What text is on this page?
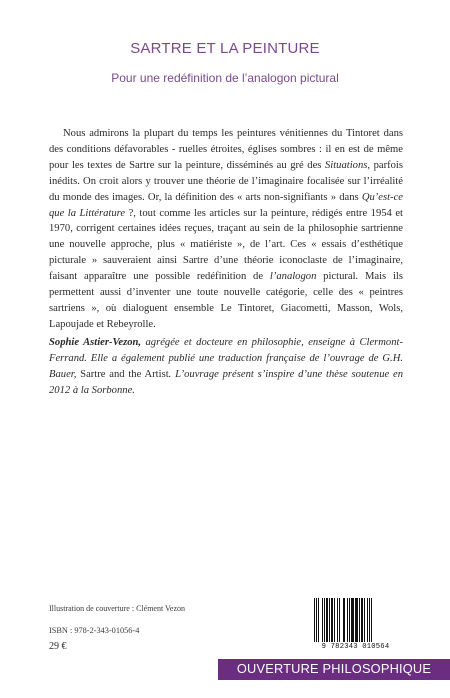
SARTRE ET LA PEINTURE
Pour une redéfinition de l’analogon pictural

Nous admirons la plupart du temps les peintures vénitiennes du Tintoret dans des conditions défavorables - ruelles étroites, églises sombres : il en est de même pour les textes de Sartre sur la peinture, disséminés au gré des Situations, parfois inédits. On croit alors y trouver une théorie de l’imaginaire focalisée sur l’irréalité du monde des images. Or, la définition des « arts non-signifiants » dans Qu’est-ce que la Littérature ?, tout comme les articles sur la peinture, rédigés entre 1954 et 1970, corrigent certaines idées reçues, traçant au sein de la philosophie sartrienne une nouvelle approche, plus « matiériste », de l’art. Ces « essais d’esthétique picturale » sauveraient ainsi Sartre d’une théorie iconoclaste de l’imaginaire, faisant apparaître une possible redéfinition de l’analogon pictural. Mais ils permettent aussi d’inventer une toute nouvelle catégorie, celle des « peintres sartriens », où dialoguent ensemble Le Tintoret, Giacometti, Masson, Wols, Lapoujade et Rebeyrolle.

Sophie Astier-Vezon, agrégée et docteure en philosophie, enseigne à Clermont-Ferrand. Elle a également publié une traduction française de l’ouvrage de G.H. Bauer, Sartre and the Artist. L’ouvrage présent s’inspire d’une thèse soutenue en 2012 à la Sorbonne.

Illustration de couverture : Clément Vezon
ISBN : 978-2-343-01056-4
29 €	9 782343 010564
OUVERTURE PHILOSOPHIQUE
